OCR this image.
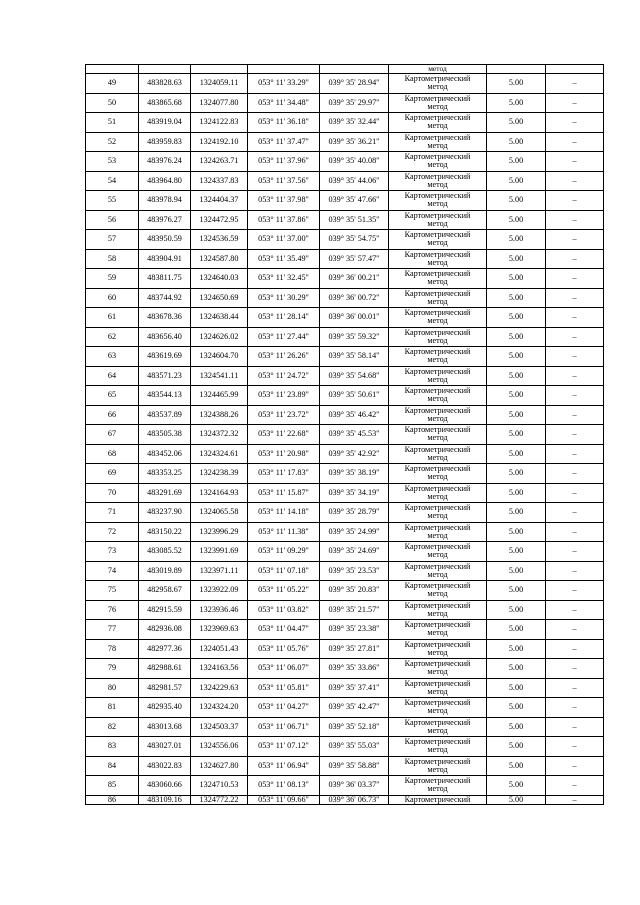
					метод		
49	483828.63	1324059.11	053° 11' 33.29"	039° 35' 28.94"	Картометрический
метод	5.00	–
50	483865.68	1324077.80	053° 11' 34.48"	039° 35' 29.97"	Картометрический
метод	5.00	–
51	483919.04	1324122.83	053° 11' 36.18"	039° 35' 32.44"	Картометрический
метод	5.00	–
52	483959.83	1324192.10	053° 11' 37.47"	039° 35' 36.21"	Картометрический
метод	5.00	–
53	483976.24	1324263.71	053° 11' 37.96"	039° 35' 40.08"	Картометрический
метод	5.00	–
54	483964.80	1324337.83	053° 11' 37.56"	039° 35' 44.06"	Картометрический
метод	5.00	–
55	483978.94	1324404.37	053° 11' 37.98"	039° 35' 47.66"	Картометрический
метод	5.00	–
56	483976.27	1324472.95	053° 11' 37.86"	039° 35' 51.35"	Картометрический
метод	5.00	–
57	483950.59	1324536.59	053° 11' 37.00"	039° 35' 54.75"	Картометрический
метод	5.00	–
58	483904.91	1324587.80	053° 11' 35.49"	039° 35' 57.47"	Картометрический
метод	5.00	–
59	483811.75	1324640.03	053° 11' 32.45"	039° 36' 00.21"	Картометрический
метод	5.00	–
60	483744.92	1324650.69	053° 11' 30.29"	039° 36' 00.72"	Картометрический
метод	5.00	–
61	483678.36	1324638.44	053° 11' 28.14"	039° 36' 00.01"	Картометрический
метод	5.00	–
62	483656.40	1324626.02	053° 11' 27.44"	039° 35' 59.32"	Картометрический
метод	5.00	–
63	483619.69	1324604.70	053° 11' 26.26"	039° 35' 58.14"	Картометрический
метод	5.00	–
64	483571.23	1324541.11	053° 11' 24.72"	039° 35' 54.68"	Картометрический
метод	5.00	–
65	483544.13	1324465.99	053° 11' 23.89"	039° 35' 50.61"	Картометрический
метод	5.00	–
66	483537.89	1324388.26	053° 11' 23.72"	039° 35' 46.42"	Картометрический
метод	5.00	–
67	483505.38	1324372.32	053° 11' 22.68"	039° 35' 45.53"	Картометрический
метод	5.00	–
68	483452.06	1324324.61	053° 11' 20.98"	039° 35' 42.92"	Картометрический
метод	5.00	–
69	483353.25	1324238.39	053° 11' 17.83"	039° 35' 38.19"	Картометрический
метод	5.00	–
70	483291.69	1324164.93	053° 11' 15.87"	039° 35' 34.19"	Картометрический
метод	5.00	–
71	483237.90	1324065.58	053° 11' 14.18"	039° 35' 28.79"	Картометрический
метод	5.00	–
72	483150.22	1323996.29	053° 11' 11.38"	039° 35' 24.99"	Картометрический
метод	5.00	–
73	483085.52	1323991.69	053° 11' 09.29"	039° 35' 24.69"	Картометрический
метод	5.00	–
74	483019.89	1323971.11	053° 11' 07.18"	039° 35' 23.53"	Картометрический
метод	5.00	–
75	482958.67	1323922.09	053° 11' 05.22"	039° 35' 20.83"	Картометрический
метод	5.00	–
76	482915.59	1323936.46	053° 11' 03.82"	039° 35' 21.57"	Картометрический
метод	5.00	–
77	482936.08	1323969.63	053° 11' 04.47"	039° 35' 23.38"	Картометрический
метод	5.00	–
78	482977.36	1324051.43	053° 11' 05.76"	039° 35' 27.81"	Картометрический
метод	5.00	–
79	482988.61	1324163.56	053° 11' 06.07"	039° 35' 33.86"	Картометрический
метод	5.00	–
80	482981.57	1324229.63	053° 11' 05.81"	039° 35' 37.41"	Картометрический
метод	5.00	–
81	482935.40	1324324.20	053° 11' 04.27"	039° 35' 42.47"	Картометрический
метод	5.00	–
82	483013.68	1324503.37	053° 11' 06.71"	039° 35' 52.18"	Картометрический
метод	5.00	–
83	483027.01	1324556.06	053° 11' 07.12"	039° 35' 55.03"	Картометрический
метод	5.00	–
84	483022.83	1324627.80	053° 11' 06.94"	039° 35' 58.88"	Картометрический
метод	5.00	–
85	483060.66	1324710.53	053° 11' 08.13"	039° 36' 03.37"	Картометрический
метод	5.00	–
86	483109.16	1324772.22	053° 11' 09.66"	039° 36' 06.73"	Картометрический	5.00	–
